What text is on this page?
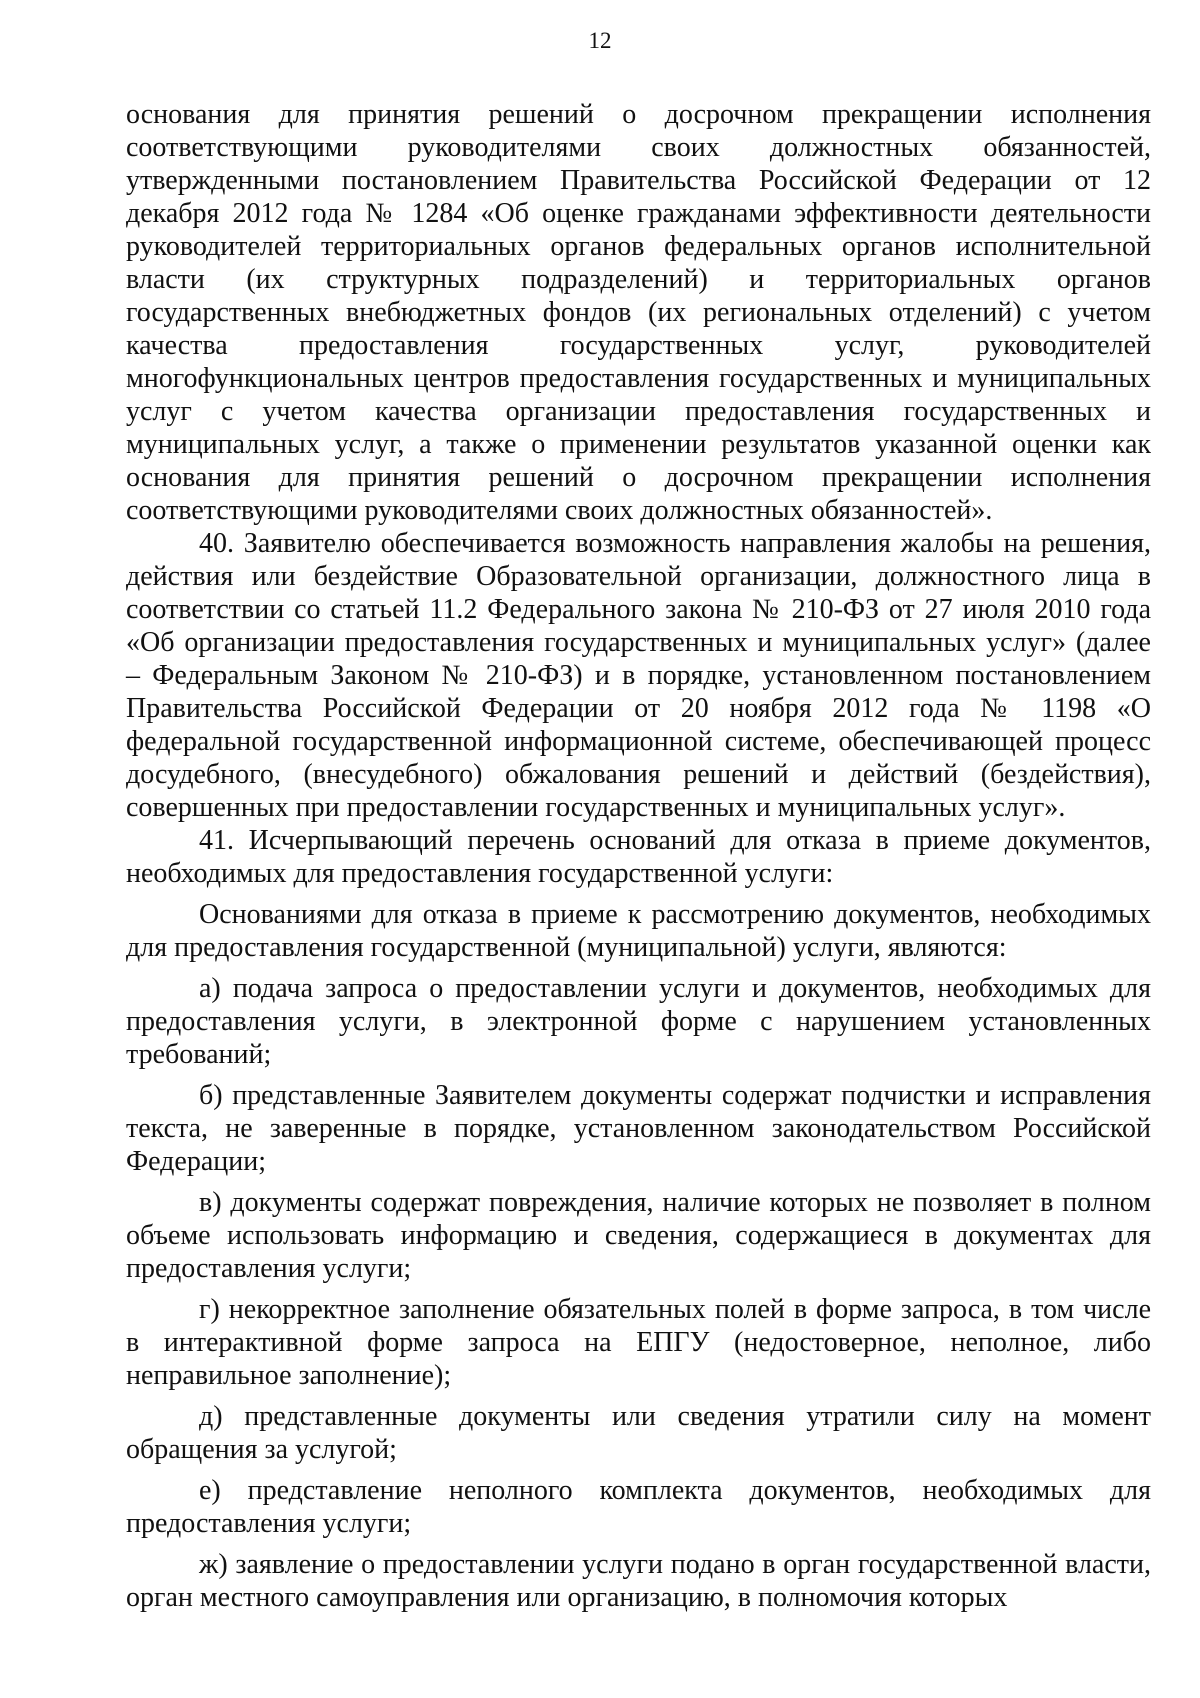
12

основания для принятия решений о досрочном прекращении исполнения соответствующими руководителями своих должностных обязанностей, утвержденными постановлением Правительства Российской Федерации от 12 декабря 2012 года № 1284 «Об оценке гражданами эффективности деятельности руководителей территориальных органов федеральных органов исполнительной власти (их структурных подразделений) и территориальных органов государственных внебюджетных фондов (их региональных отделений) с учетом качества предоставления государственных услуг, руководителей многофункциональных центров предоставления государственных и муниципальных услуг с учетом качества организации предоставления государственных и муниципальных услуг, а также о применении результатов указанной оценки как основания для принятия решений о досрочном прекращении исполнения соответствующими руководителями своих должностных обязанностей».

40. Заявителю обеспечивается возможность направления жалобы на решения, действия или бездействие Образовательной организации, должностного лица в соответствии со статьей 11.2 Федерального закона № 210-ФЗ от 27 июля 2010 года «Об организации предоставления государственных и муниципальных услуг» (далее – Федеральным Законом № 210-ФЗ) и в порядке, установленном постановлением Правительства Российской Федерации от 20 ноября 2012 года № 1198 «О федеральной государственной информационной системе, обеспечивающей процесс досудебного, (внесудебного) обжалования решений и действий (бездействия), совершенных при предоставлении государственных и муниципальных услуг».

41. Исчерпывающий перечень оснований для отказа в приеме документов, необходимых для предоставления государственной услуги:

Основаниями для отказа в приеме к рассмотрению документов, необходимых для предоставления государственной (муниципальной) услуги, являются:

а) подача запроса о предоставлении услуги и документов, необходимых для предоставления услуги, в электронной форме с нарушением установленных требований;

б) представленные Заявителем документы содержат подчистки и исправления текста, не заверенные в порядке, установленном законодательством Российской Федерации;

в) документы содержат повреждения, наличие которых не позволяет в полном объеме использовать информацию и сведения, содержащиеся в документах для предоставления услуги;

г) некорректное заполнение обязательных полей в форме запроса, в том числе в интерактивной форме запроса на ЕПГУ (недостоверное, неполное, либо неправильное заполнение);

д) представленные документы или сведения утратили силу на момент обращения за услугой;

е) представление неполного комплекта документов, необходимых для предоставления услуги;

ж) заявление о предоставлении услуги подано в орган государственной власти, орган местного самоуправления или организацию, в полномочия которых
